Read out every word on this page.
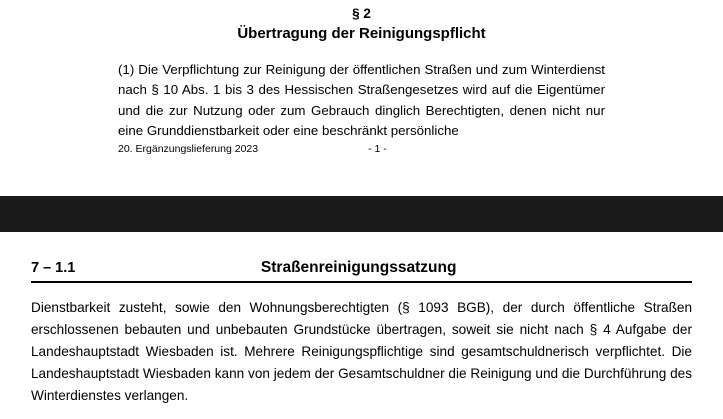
§ 2
Übertragung der Reinigungspflicht
(1) Die Verpflichtung zur Reinigung der öffentlichen Straßen und zum Winterdienst nach § 10 Abs. 1 bis 3 des Hessischen Straßengesetzes wird auf die Eigentümer und die zur Nutzung oder zum Gebrauch dinglich Berechtigten, denen nicht nur eine Grunddienstbarkeit oder eine beschränkt persönliche
20. Ergänzungslieferung 2023	- 1 -
7 – 1.1	Straßenreinigungssatzung
Dienstbarkeit zusteht, sowie den Wohnungsberechtigten (§ 1093 BGB), der durch öffentliche Straßen erschlossenen bebauten und unbebauten Grundstücke übertragen, soweit sie nicht nach § 4 Aufgabe der Landeshauptstadt Wiesbaden ist. Mehrere Reinigungspflichtige sind gesamtschuldnerisch verpflichtet. Die Landeshauptstadt Wiesbaden kann von jedem der Gesamtschuldner die Reinigung und die Durchführung des Winterdienstes verlangen.
